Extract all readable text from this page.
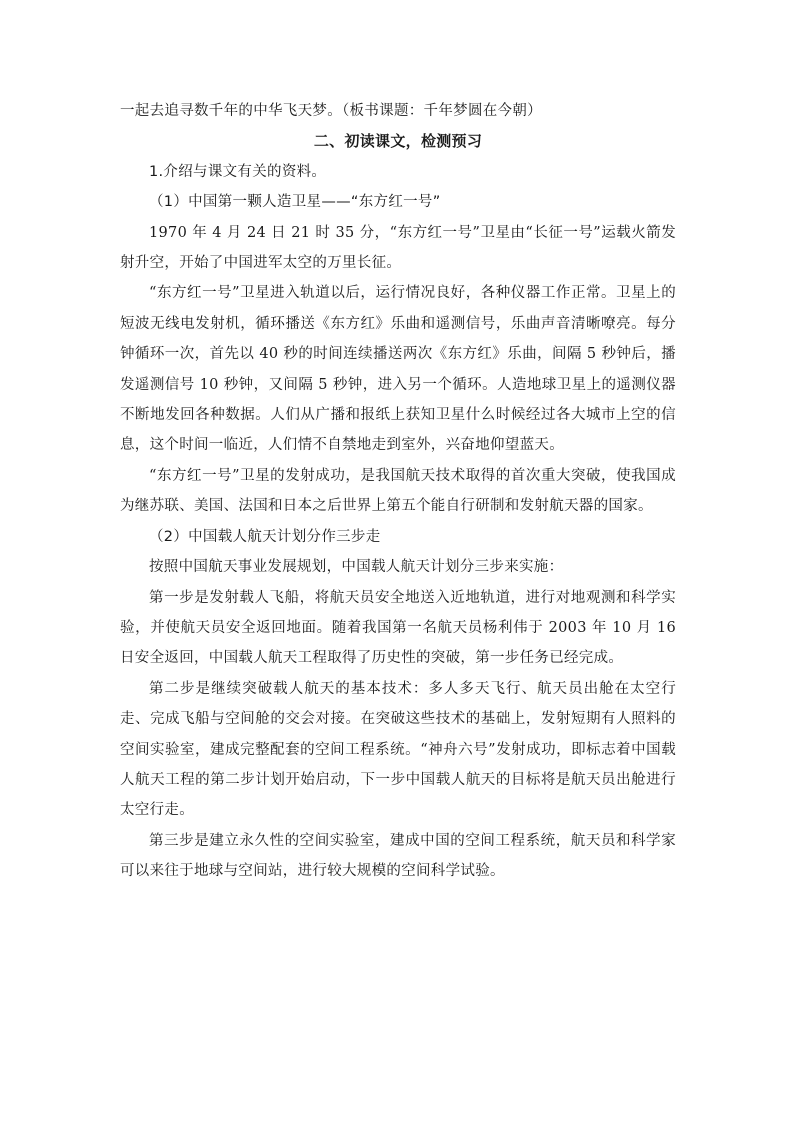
一起去追寻数千年的中华飞天梦。（板书课题：千年梦圆在今朝）

二、初读课文，检测预习

1.介绍与课文有关的资料。

（1）中国第一颗人造卫星——“东方红一号”

1970 年 4 月 24 日 21 时 35 分，“东方红一号”卫星由“长征一号”运载火箭发射升空，开始了中国进军太空的万里长征。

“东方红一号”卫星进入轨道以后，运行情况良好，各种仪器工作正常。卫星上的短波无线电发射机，循环播送《东方红》乐曲和遥测信号，乐曲声音清晰嘹亮。每分钟循环一次，首先以 40 秒的时间连续播送两次《东方红》乐曲，间隔 5 秒钟后，播发遥测信号 10 秒钟，又间隔 5 秒钟，进入另一个循环。人造地球卫星上的遥测仪器不断地发回各种数据。人们从广播和报纸上获知卫星什么时候经过各大城市上空的信息，这个时间一临近，人们情不自禁地走到室外，兴奋地仰望蓝天。

“东方红一号”卫星的发射成功，是我国航天技术取得的首次重大突破，使我国成为继苏联、美国、法国和日本之后世界上第五个能自行研制和发射航天器的国家。

（2）中国载人航天计划分作三步走

按照中国航天事业发展规划，中国载人航天计划分三步来实施：

第一步是发射载人飞船，将航天员安全地送入近地轨道，进行对地观测和科学实验，并使航天员安全返回地面。随着我国第一名航天员杨利伟于 2003 年 10 月 16 日安全返回，中国载人航天工程取得了历史性的突破，第一步任务已经完成。

第二步是继续突破载人航天的基本技术：多人多天飞行、航天员出舱在太空行走、完成飞船与空间舱的交会对接。在突破这些技术的基础上，发射短期有人照料的空间实验室，建成完整配套的空间工程系统。“神舟六号”发射成功，即标志着中国载人航天工程的第二步计划开始启动，下一步中国载人航天的目标将是航天员出舱进行太空行走。

第三步是建立永久性的空间实验室，建成中国的空间工程系统，航天员和科学家可以来往于地球与空间站，进行较大规模的空间科学试验。
